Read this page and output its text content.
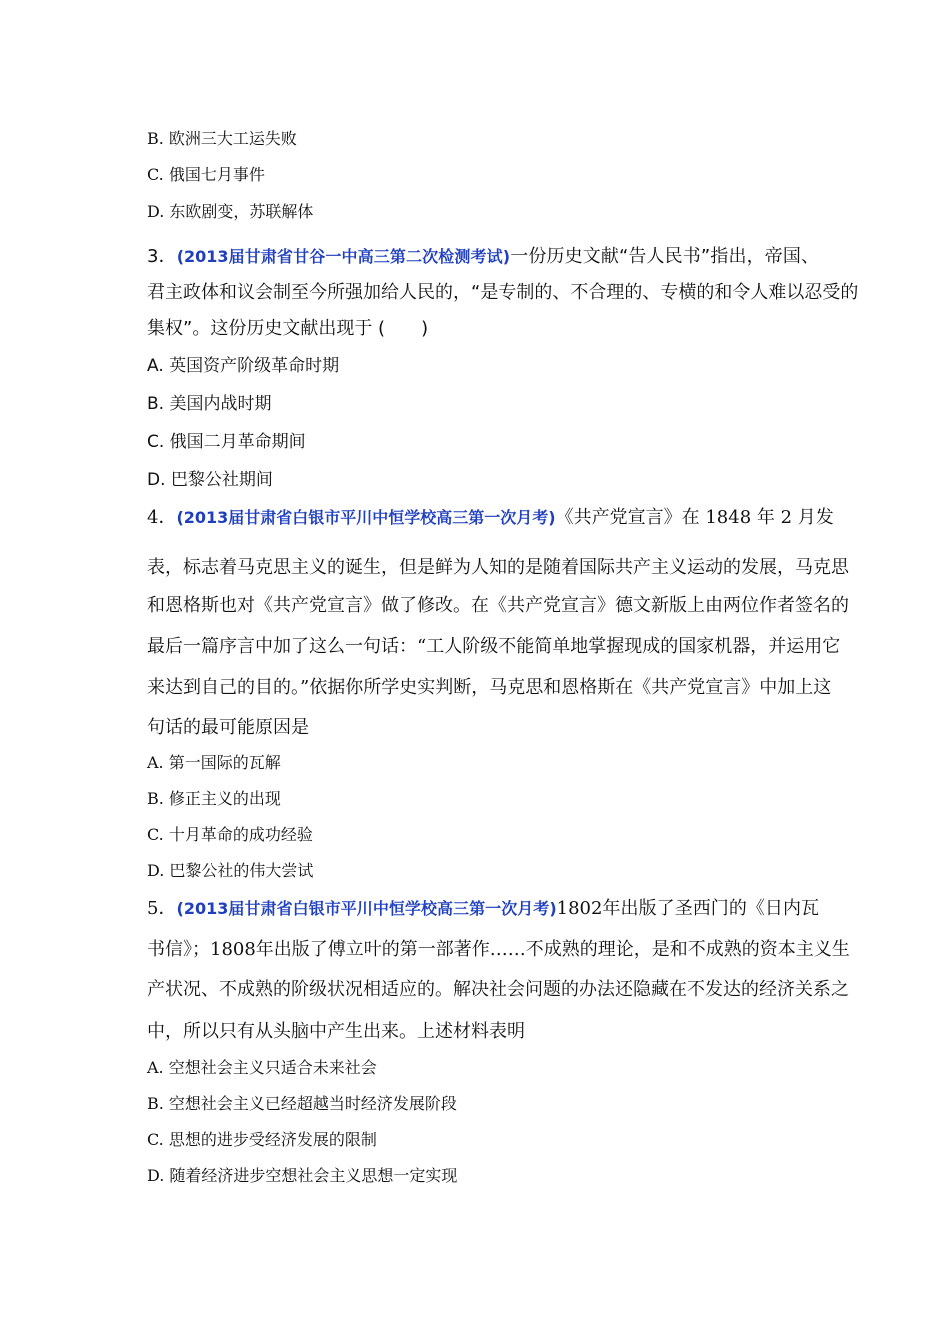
B. 欧洲三大工运失败
C. 俄国七月事件
D. 东欧剧变，苏联解体
3．(2013届甘肃省甘谷一中高三第二次检测考试)一份历史文献“告人民书”指出，帝国、
君主政体和议会制至今所强加给人民的，“是专制的、不合理的、专横的和令人难以忍受的
集权”。这份历史文献出现于 (　　)
A. 英国资产阶级革命时期
B. 美国内战时期
C. 俄国二月革命期间
D. 巴黎公社期间
4．(2013届甘肃省白银市平川中恒学校高三第一次月考)《共产党宣言》在 1848 年 2 月发
表，标志着马克思主义的诞生，但是鲜为人知的是随着国际共产主义运动的发展，马克思
和恩格斯也对《共产党宣言》做了修改。在《共产党宣言》德文新版上由两位作者签名的
最后一篇序言中加了这么一句话：“工人阶级不能简单地掌握现成的国家机器，并运用它
来达到自己的目的。”依据你所学史实判断，马克思和恩格斯在《共产党宣言》中加上这
句话的最可能原因是
A. 第一国际的瓦解
B. 修正主义的出现
C. 十月革命的成功经验
D. 巴黎公社的伟大尝试
5．(2013届甘肃省白银市平川中恒学校高三第一次月考)1802年出版了圣西门的《日内瓦
书信》；1808年出版了傅立叶的第一部著作……不成熟的理论，是和不成熟的资本主义生
产状况、不成熟的阶级状况相适应的。解决社会问题的办法还隐藏在不发达的经济关系之
中，所以只有从头脑中产生出来。上述材料表明
A. 空想社会主义只适合未来社会
B. 空想社会主义已经超越当时经济发展阶段
C. 思想的进步受经济发展的限制
D. 随着经济进步空想社会主义思想一定实现
